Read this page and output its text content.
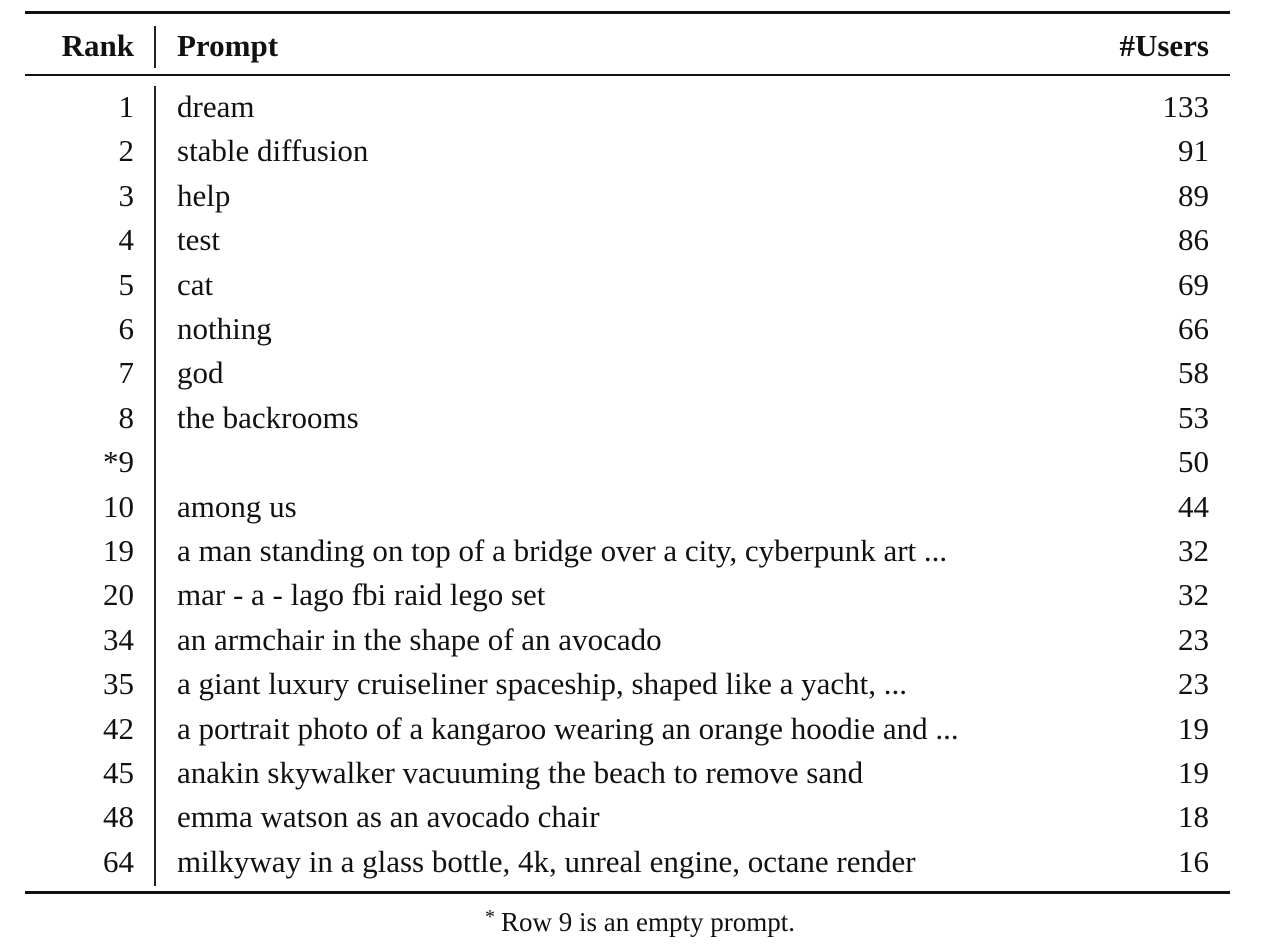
Rank Prompt	#Users
1 dream	133
2 stable diffusion	91
3 help	89
4 test	86
5 cat	69
6 nothing	66
7 god	58
8 the backrooms	53
*9	50
10 among us	44
19 a man standing on top of a bridge over a city, cyberpunk art ...	32
20 mar - a - lago fbi raid lego set	32
34 an armchair in the shape of an avocado	23
35 a giant luxury cruiseliner spaceship, shaped like a yacht, ...	23
42 a portrait photo of a kangaroo wearing an orange hoodie and ...	19
45 anakin skywalker vacuuming the beach to remove sand	19
48 emma watson as an avocado chair	18
64 milkyway in a glass bottle, 4k, unreal engine, octane render	16
* Row 9 is an empty prompt.
